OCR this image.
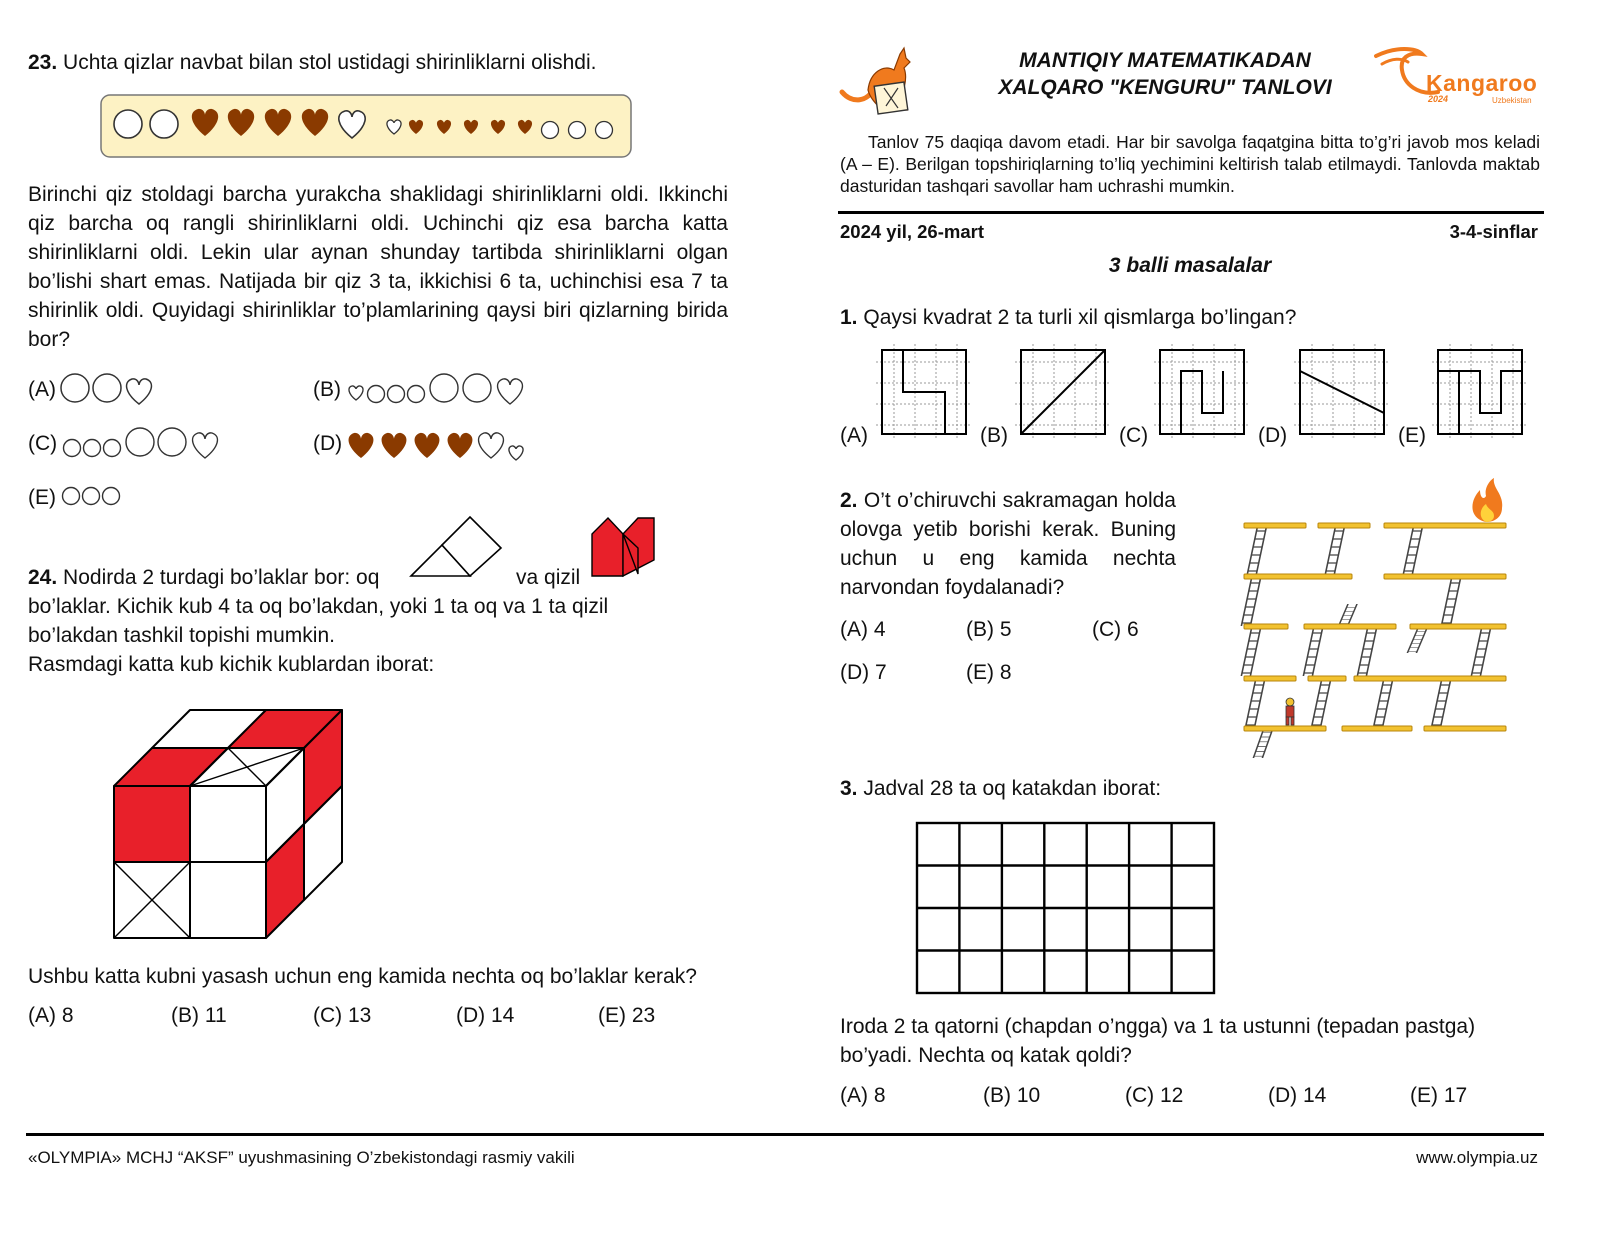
23. Uchta qizlar navbat bilan stol ustidagi shirinliklarni olishdi.
Birinchi qiz stoldagi barcha yurakcha shaklidagi shirinliklarni oldi. Ikkinchi qiz barcha oq rangli shirinliklarni oldi. Uchinchi qiz esa barcha katta shirinliklarni oldi. Lekin ular aynan shunday tartibda shirinliklarni olgan bo’lishi shart emas. Natijada bir qiz 3 ta, ikkichisi 6 ta, uchinchisi esa 7 ta shirinlik oldi. Quyidagi shirinliklar to’plamlarining qaysi biri qizlarning birida bor?
(A)	(B)
(C)	(D)
(E)
24. Nodirda 2 turdagi bo’laklar bor: oq	va qizil
bo’laklar. Kichik kub 4 ta oq bo’lakdan, yoki 1 ta oq va 1 ta qizil bo’lakdan tashkil topishi mumkin.
Rasmdagi katta kub kichik kublardan iborat:
Ushbu katta kubni yasash uchun eng kamida nechta oq bo’laklar kerak?
(A) 8	(B) 11	(C) 13	(D) 14	(E) 23
MANTIQIY MATEMATIKADAN
XALQARO "KENGURU" TANLOVI	Kangaroo
2024	Uzbekistan
Tanlov 75 daqiqa davom etadi. Har bir savolga faqatgina bitta to’g’ri javob mos keladi (A – E). Berilgan topshiriqlarning to’liq yechimini keltirish talab etilmaydi. Tanlovda maktab dasturidan tashqari savollar ham uchrashi mumkin.
2024 yil, 26-mart	3-4-sinflar
3 balli masalalar
1. Qaysi kvadrat 2 ta turli xil qismlarga bo’lingan?
(A)	(B)	(C)	(D)	(E)
2. O’t o’chiruvchi sakramagan holda olovga yetib borishi kerak. Buning uchun u eng kamida nechta narvondan foydalanadi?
(A) 4	(B) 5	(C) 6
(D) 7	(E) 8
3. Jadval 28 ta oq katakdan iborat:
Iroda 2 ta qatorni (chapdan o’ngga) va 1 ta ustunni (tepadan pastga) bo’yadi. Nechta oq katak qoldi?
(A) 8	(B) 10	(C) 12	(D) 14	(E) 17
«OLYMPIA» MCHJ “AKSF” uyushmasining O’zbekistondagi rasmiy vakili	www.olympia.uz
